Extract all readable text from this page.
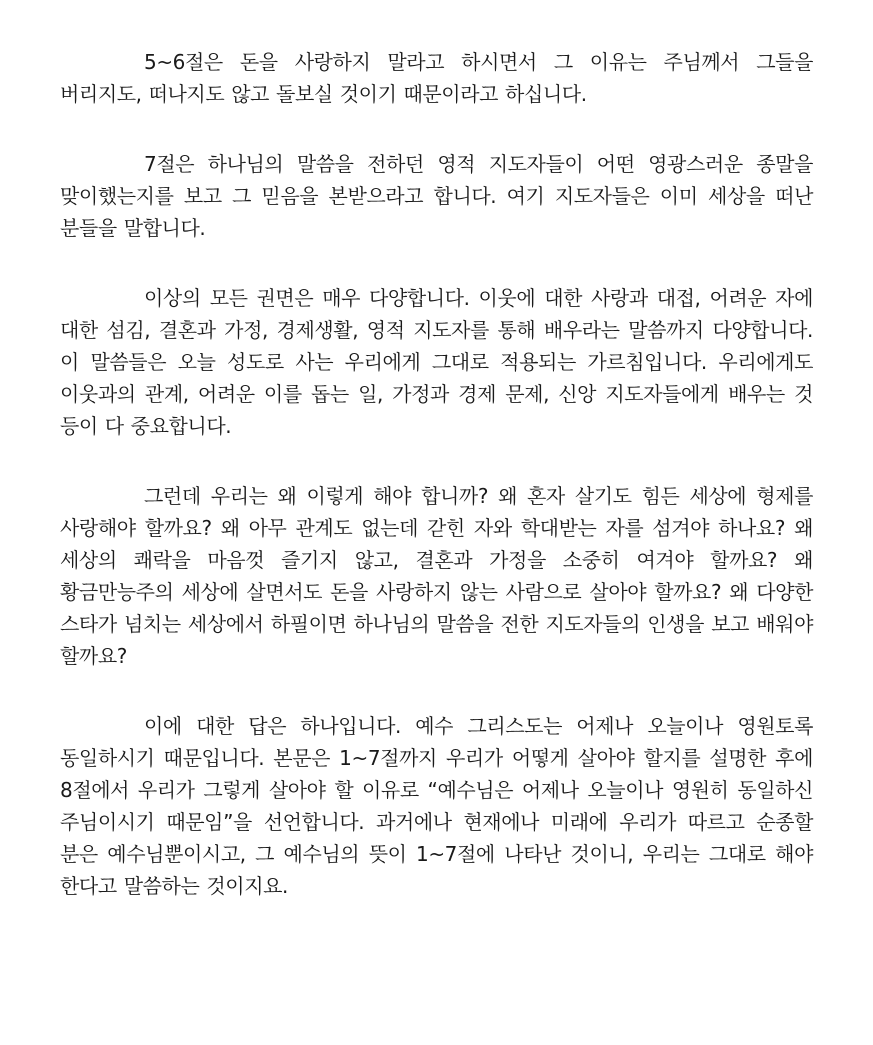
5~6절은 돈을 사랑하지 말라고 하시면서 그 이유는 주님께서 그들을 버리지도, 떠나지도 않고 돌보실 것이기 때문이라고 하십니다.

7절은 하나님의 말씀을 전하던 영적 지도자들이 어떤 영광스러운 종말을 맞이했는지를 보고 그 믿음을 본받으라고 합니다. 여기 지도자들은 이미 세상을 떠난 분들을 말합니다.

이상의 모든 권면은 매우 다양합니다. 이웃에 대한 사랑과 대접, 어려운 자에 대한 섬김, 결혼과 가정, 경제생활, 영적 지도자를 통해 배우라는 말씀까지 다양합니다. 이 말씀들은 오늘 성도로 사는 우리에게 그대로 적용되는 가르침입니다. 우리에게도 이웃과의 관계, 어려운 이를 돕는 일, 가정과 경제 문제, 신앙 지도자들에게 배우는 것 등이 다 중요합니다.

그런데 우리는 왜 이렇게 해야 합니까? 왜 혼자 살기도 힘든 세상에 형제를 사랑해야 할까요? 왜 아무 관계도 없는데 갇힌 자와 학대받는 자를 섬겨야 하나요? 왜 세상의 쾌락을 마음껏 즐기지 않고, 결혼과 가정을 소중히 여겨야 할까요? 왜 황금만능주의 세상에 살면서도 돈을 사랑하지 않는 사람으로 살아야 할까요? 왜 다양한 스타가 넘치는 세상에서 하필이면 하나님의 말씀을 전한 지도자들의 인생을 보고 배워야 할까요?

이에 대한 답은 하나입니다. 예수 그리스도는 어제나 오늘이나 영원토록 동일하시기 때문입니다. 본문은 1~7절까지 우리가 어떻게 살아야 할지를 설명한 후에 8절에서 우리가 그렇게 살아야 할 이유로 “예수님은 어제나 오늘이나 영원히 동일하신 주님이시기 때문임”을 선언합니다. 과거에나 현재에나 미래에 우리가 따르고 순종할 분은 예수님뿐이시고, 그 예수님의 뜻이 1~7절에 나타난 것이니, 우리는 그대로 해야 한다고 말씀하는 것이지요.
